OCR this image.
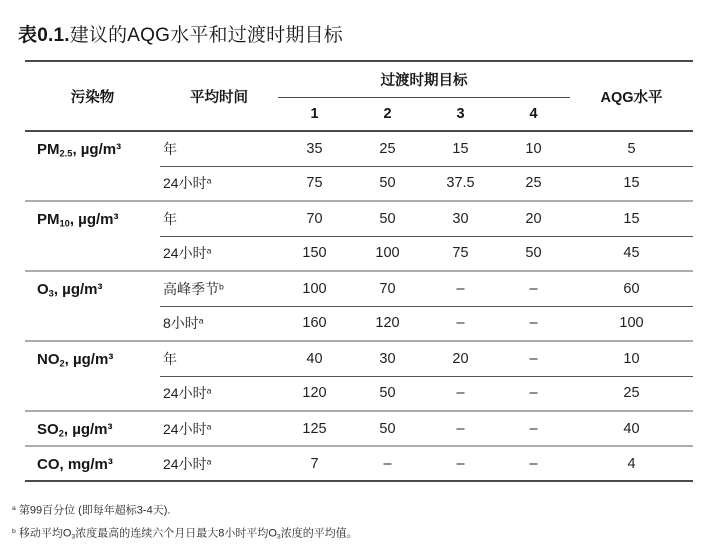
表0.1.建议的AQG水平和过渡时期目标
污染物	平均时间	过渡时期目标				AQG水平
		1	2	3	4	
$PM_{2.5}$, µg/m³	年	35	25	15	10	5
	24小时$^a$	75	50	37.5	25	15
$PM_{10}$, µg/m³	年	70	50	30	20	15
	24小时$^a$	150	100	75	50	45
$O_3$, µg/m³	高峰季节$^b$	100	70	–	–	60
	8小时$^a$	160	120	–	–	100
$NO_2$, µg/m³	年	40	30	20	–	10
	24小时$^a$	120	50	–	–	25
$SO_2$, µg/m³	24小时$^a$	125	50	–	–	40
CO, mg/m³	24小时$^a$	7	–	–	–	4

$^a$ 第99百分位 (即每年超标3-4天).

$^b$ 移动平均$O_3$浓度最高的连续六个月日最大8小时平均$O_3$浓度的平均值。
